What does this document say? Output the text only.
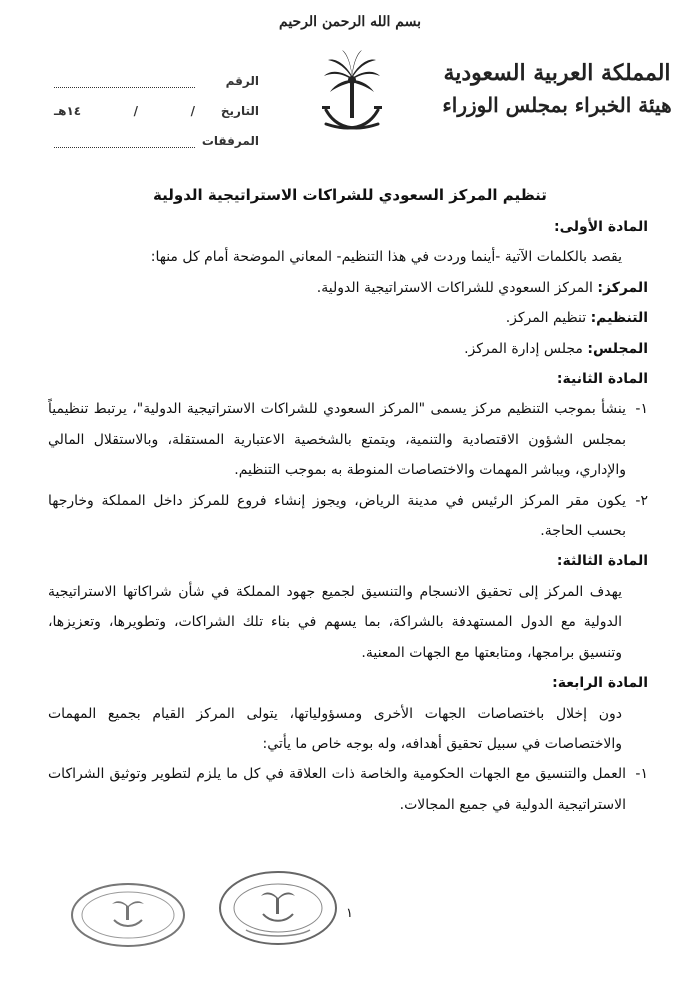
بسم الله الرحمن الرحيم
المملكة العربية السعودية
هيئة الخبراء بمجلس الوزراء
الرقم
التاريخ
/
/
١٤هـ
المرفقات
تنظيم المركز السعودي للشراكات الاستراتيجية الدولية

المادة الأولى:

يقصد بالكلمات الآتية -أينما وردت في هذا التنظيم- المعاني الموضحة أمام كل منها:

المركز: المركز السعودي للشراكات الاستراتيجية الدولية.

التنظيم: تنظيم المركز.

المجلس: مجلس إدارة المركز.

المادة الثانية:

١-
ينشأ بموجب التنظيم مركز يسمى "المركز السعودي للشراكات الاستراتيجية الدولية"، يرتبط تنظيمياً بمجلس الشؤون الاقتصادية والتنمية، ويتمتع بالشخصية الاعتبارية المستقلة، وبالاستقلال المالي والإداري، ويباشر المهمات والاختصاصات المنوطة به بموجب التنظيم.
٢-
يكون مقر المركز الرئيس في مدينة الرياض، ويجوز إنشاء فروع للمركز داخل المملكة وخارجها بحسب الحاجة.

المادة الثالثة:

يهدف المركز إلى تحقيق الانسجام والتنسيق لجميع جهود المملكة في شأن شراكاتها الاستراتيجية الدولية مع الدول المستهدفة بالشراكة، بما يسهم في بناء تلك الشراكات، وتطويرها، وتعزيزها، وتنسيق برامجها، ومتابعتها مع الجهات المعنية.

المادة الرابعة:

دون إخلال باختصاصات الجهات الأخرى ومسؤولياتها، يتولى المركز القيام بجميع المهمات والاختصاصات في سبيل تحقيق أهدافه، وله بوجه خاص ما يأتي:

١-
العمل والتنسيق مع الجهات الحكومية والخاصة ذات العلاقة في كل ما يلزم لتطوير وتوثيق الشراكات الاستراتيجية الدولية في جميع المجالات.
١
